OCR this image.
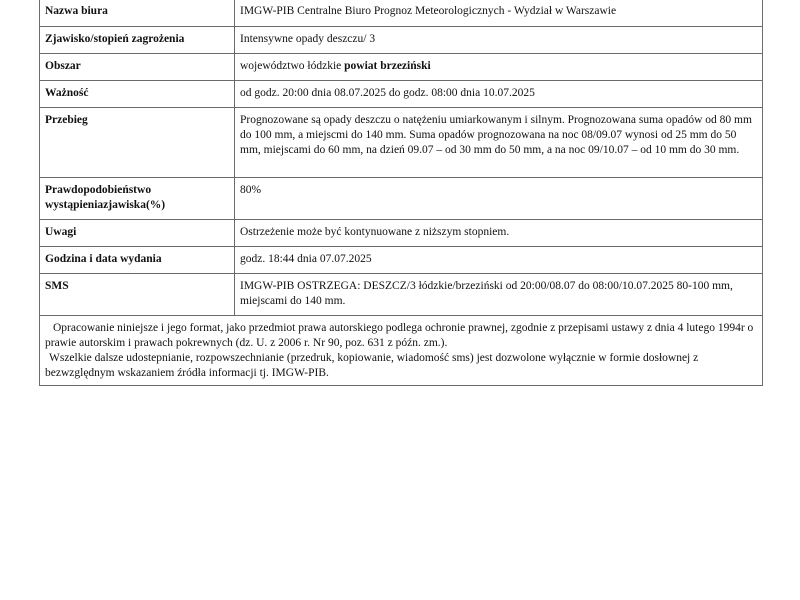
Nazwa biura	IMGW-PIB Centralne Biuro Prognoz Meteorologicznych - Wydział w Warszawie
Zjawisko/stopień zagrożenia	Intensywne opady deszczu/ 3
Obszar	województwo łódzkie powiat brzeziński
Ważność	od godz. 20:00 dnia 08.07.2025 do godz. 08:00 dnia 10.07.2025
Przebieg	Prognozowane są opady deszczu o natężeniu umiarkowanym i silnym. Prognozowana suma opadów od 80 mm do 100 mm, a miejscmi do 140 mm. Suma opadów prognozowana na noc 08/09.07 wynosi od 25 mm do 50 mm, miejscami do 60 mm, na dzień 09.07 – od 30 mm do 50 mm, a na noc 09/10.07 – od 10 mm do 30 mm.
Prawdopodobieństwo wystąpieniazjawiska(%)	80%
Uwagi	Ostrzeżenie może być kontynuowane z niższym stopniem.
Godzina i data wydania	godz. 18:44 dnia 07.07.2025
SMS	IMGW-PIB OSTRZEGA: DESZCZ/3 łódzkie/brzeziński od 20:00/08.07 do 08:00/10.07.2025 80-100 mm, miejscami do 140 mm.

Opracowanie niniejsze i jego format, jako przedmiot prawa autorskiego podlega ochronie prawnej, zgodnie z przepisami ustawy z dnia 4 lutego 1994r o prawie autorskim i prawach pokrewnych (dz. U. z 2006 r. Nr 90, poz. 631 z późn. zm.).

Wszelkie dalsze udostepnianie, rozpowszechnianie (przedruk, kopiowanie, wiadomość sms) jest dozwolone wyłącznie w formie dosłownej z bezwzględnym wskazaniem źródła informacji tj. IMGW-PIB.	
